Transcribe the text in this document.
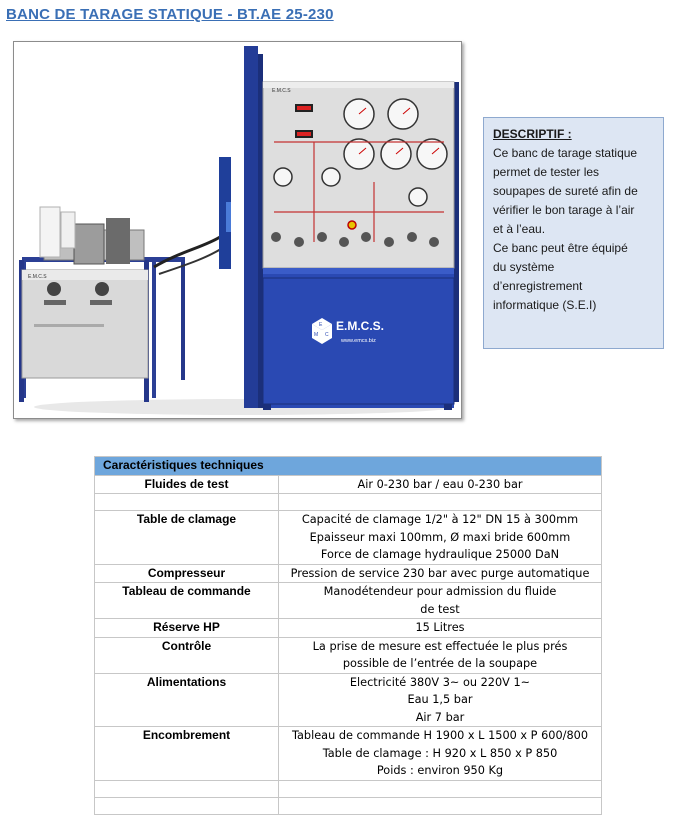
BANC DE TARAGE STATIQUE - BT.AE 25-230
E.M.C.S
E.M.C.S
E
M C
E.M.C.S.
www.emcs.biz
DESCRIPTIF :
Ce banc de tarage statique
permet de tester les
soupapes de sureté afin de
vérifier le bon tarage à l’air
et à l’eau.
Ce banc peut être équipé
du système
d’enregistrement
informatique (S.E.I)
Caractéristiques techniques	
Fluides de test	Air 0-230 bar / eau 0-230 bar

Table de clamage	Capacité de clamage 1/2" à 12" DN 15 à 300mm
Epaisseur maxi 100mm, Ø maxi bride 600mm
Force de clamage hydraulique 25000 DaN

Compresseur	Pression de service 230 bar avec purge automatique

Tableau de commande	Manodétendeur pour admission du fluide
de test

Réserve HP	15 Litres

Contrôle	La prise de mesure est effectuée le plus prés
possible de l’entrée de la soupape

Alimentations	Electricité 380V 3~ ou 220V 1~
Eau 1,5 bar
Air 7 bar

Encombrement	Tableau de commande H 1900 x L 1500 x P 600/800
Table de clamage : H 920 x L 850 x P 850
Poids : environ 950 Kg
